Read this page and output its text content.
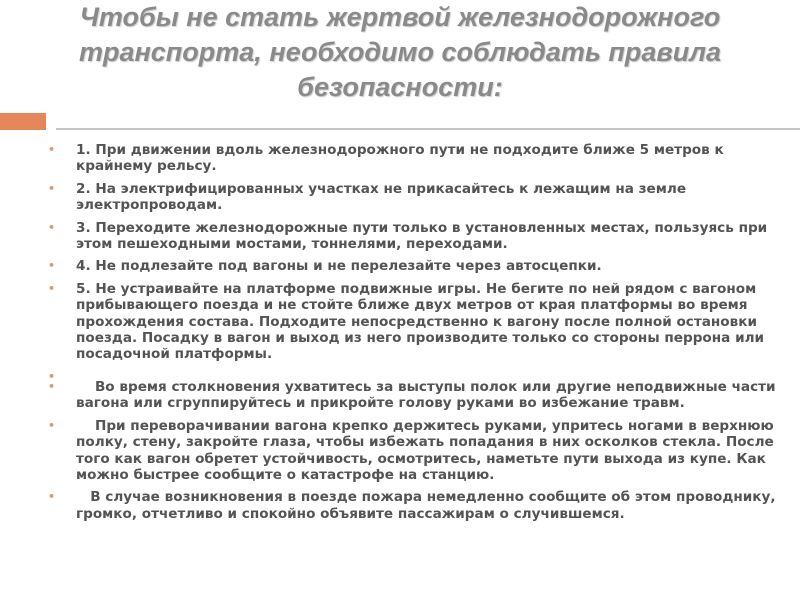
Чтобы не стать жертвой железнодорожного транспорта, необходимо соблюдать правила безопасности:
• 1. При движении вдоль железнодорожного пути не подходите ближе 5 метров к крайнему рельсу.
• 2. На электрифицированных участках не прикасайтесь к лежащим на земле электропроводам.
• 3. Переходите железнодорожные пути только в установленных местах, пользуясь при этом пешеходными мостами, тоннелями, переходами.
• 4. Не подлезайте под вагоны и не перелезайте через автосцепки.
• 5. Не устраивайте на платформе подвижные игры. Не бегите по ней рядом с вагоном прибывающего поезда и не стойте ближе двух метров от края платформы во время прохождения состава. Подходите непосредственно к вагону после полной остановки поезда. Посадку в вагон и выход из него производите только со стороны перрона или посадочной платформы.
•
• Во время столкновения ухватитесь за выступы полок или другие неподвижные части вагона или сгруппируйтесь и прикройте голову руками во избежание травм.
• При переворачивании вагона крепко держитесь руками, упритесь ногами в верхнюю полку, стену, закройте глаза, чтобы избежать попадания в них осколков стекла. После того как вагон обретет устойчивость, осмотритесь, наметьте пути выхода из купе. Как можно быстрее сообщите о катастрофе на станцию.
• В случае возникновения в поезде пожара немедленно сообщите об этом проводнику, громко, отчетливо и спокойно объявите пассажирам о случившемся.
